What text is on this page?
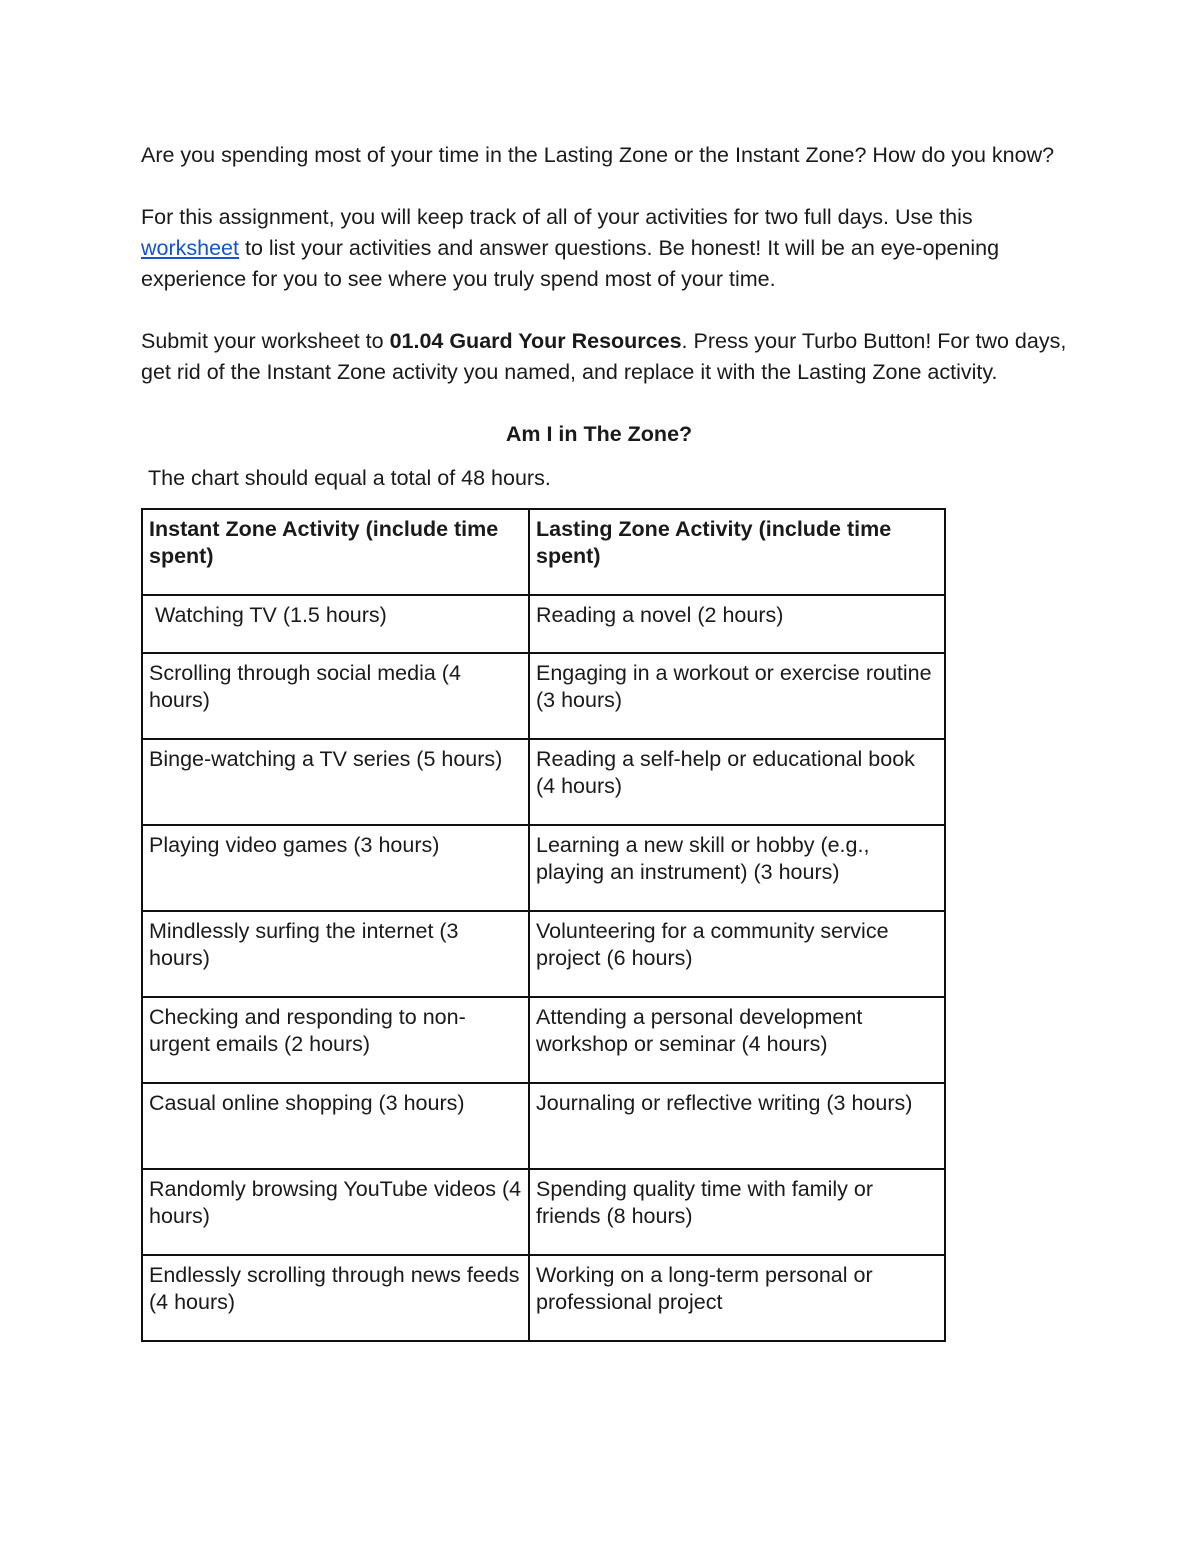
Are you spending most of your time in the Lasting Zone or the Instant Zone? How do you know?

For this assignment, you will keep track of all of your activities for two full days. Use this worksheet to list your activities and answer questions. Be honest! It will be an eye-opening experience for you to see where you truly spend most of your time.

Submit your worksheet to 01.04 Guard Your Resources. Press your Turbo Button! For two days, get rid of the Instant Zone activity you named, and replace it with the Lasting Zone activity.

Am I in The Zone?
The chart should equal a total of 48 hours.
Instant Zone Activity (include time spent)	Lasting Zone Activity (include time spent)
Watching TV (1.5 hours)	Reading a novel (2 hours)
Scrolling through social media (4 hours)	Engaging in a workout or exercise routine (3 hours)
Binge-watching a TV series (5 hours)	Reading a self-help or educational book (4 hours)
Playing video games (3 hours)	Learning a new skill or hobby (e.g., playing an instrument) (3 hours)
Mindlessly surfing the internet (3 hours)	Volunteering for a community service project (6 hours)
Checking and responding to non-urgent emails (2 hours)	Attending a personal development workshop or seminar (4 hours)
Casual online shopping (3 hours)	Journaling or reflective writing (3 hours)
Randomly browsing YouTube videos (4 hours)	Spending quality time with family or friends (8 hours)
Endlessly scrolling through news feeds (4 hours)	Working on a long-term personal or professional project
